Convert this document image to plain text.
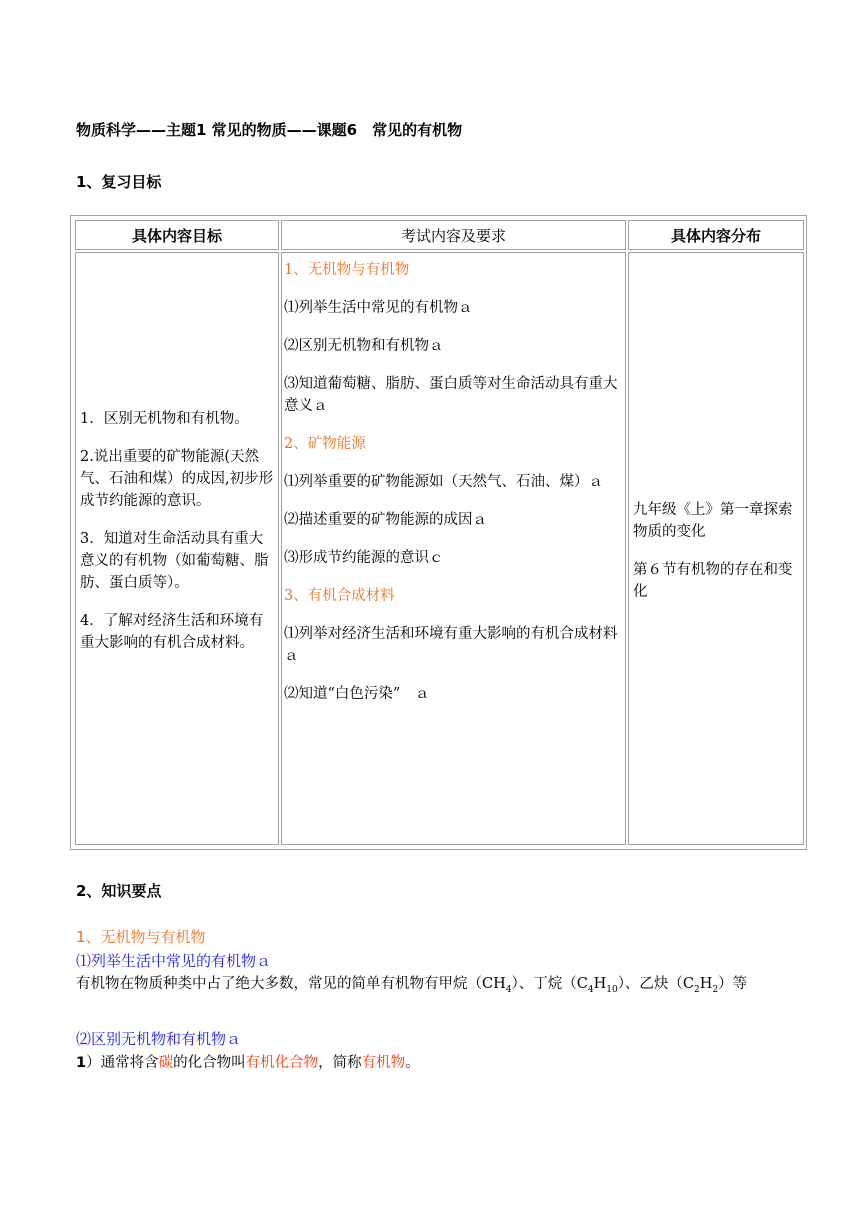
物质科学——主题1 常见的物质——课题6　常见的有机物
1、复习目标
具体内容目标	考试内容及要求	具体内容分布

1．区别无机物和有机物。

2.说出重要的矿物能源(天然气、石油和煤）的成因,初步形成节约能源的意识。

3．知道对生命活动具有重大意义的有机物（如葡萄糖、脂肪、蛋白质等）。

4．了解对经济生活和环境有重大影响的有机合成材料。

1、无机物与有机物

⑴列举生活中常见的有机物ａ

⑵区别无机物和有机物ａ

⑶知道葡萄糖、脂肪、蛋白质等对生命活动具有重大意义ａ

2、矿物能源

⑴列举重要的矿物能源如（天然气、石油、煤）ａ

⑵描述重要的矿物能源的成因ａ

⑶形成节约能源的意识ｃ

3、有机合成材料

⑴列举对经济生活和环境有重大影响的有机合成材料ａ

⑵知道“白色污染”　ａ

九年级《上》第一章探索物质的变化

第６节有机物的存在和变化

2、知识要点
1、无机物与有机物
⑴列举生活中常见的有机物ａ
有机物在物质种类中占了绝大多数，常见的简单有机物有甲烷$(CH_4)$、丁烷$(C_4H_{10})$、乙炔$(C_2H_2)$等
⑵区别无机物和有机物ａ
1）通常将含碳的化合物叫有机化合物，简称有机物。
